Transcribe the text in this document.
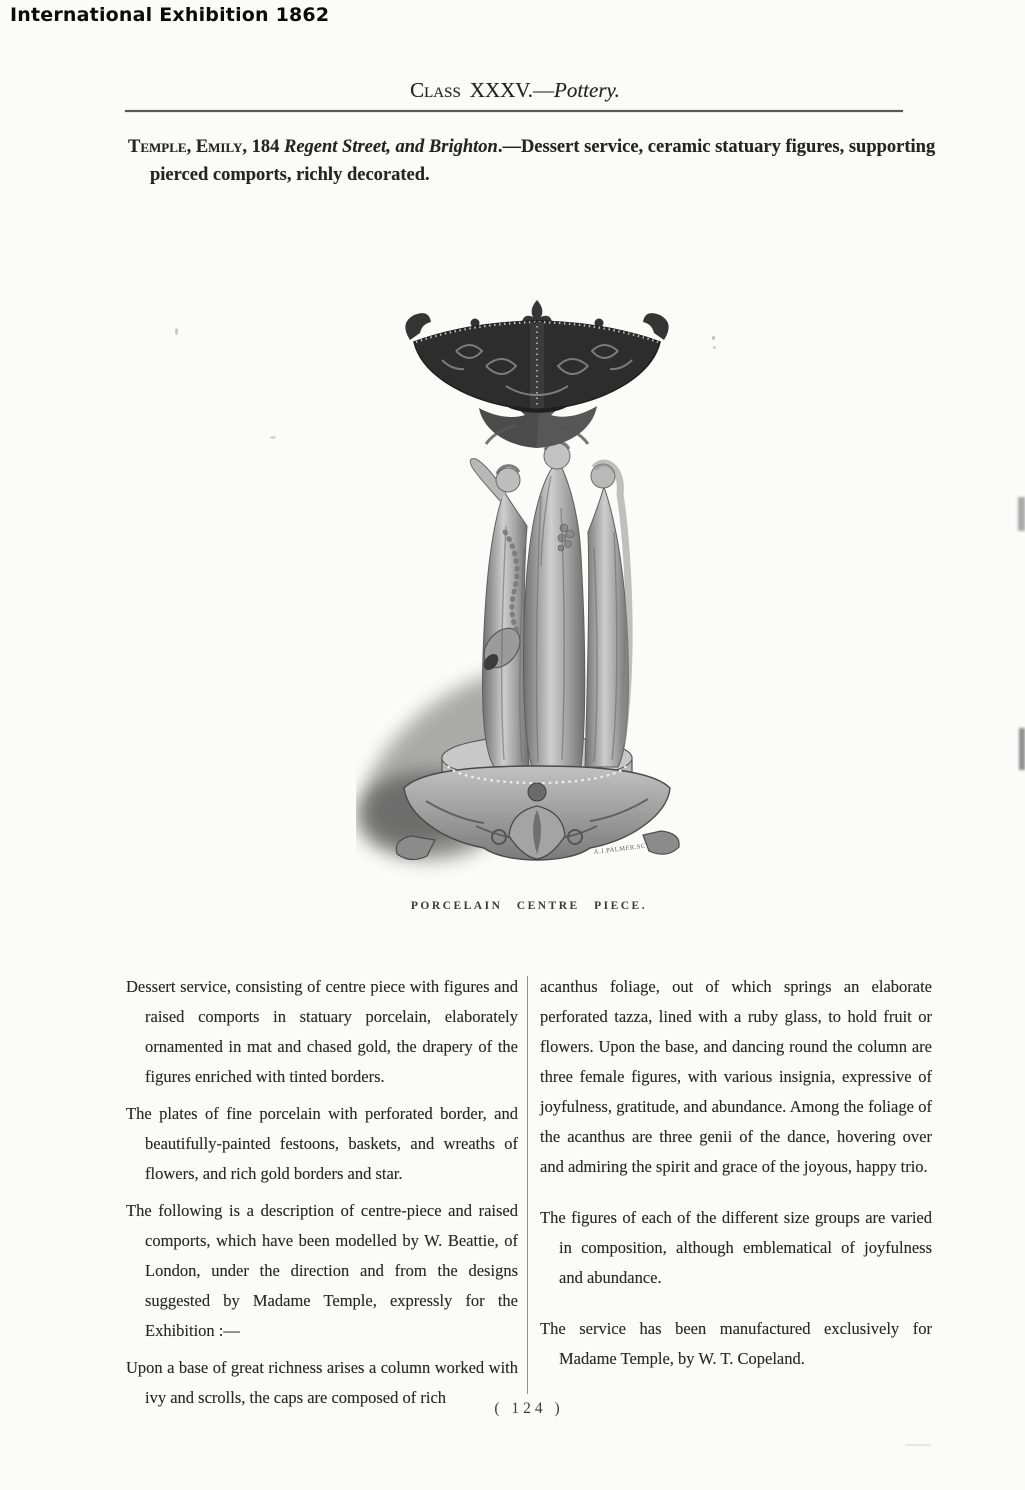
International Exhibition 1862
Class XXXV.—Pottery.
Temple, Emily, 184 Regent Street, and Brighton.—Dessert service, ceramic statuary figures, supporting pierced comports, richly decorated.
A.J.PALMER.SC
PORCELAIN CENTRE PIECE.

Dessert service, consisting of centre piece with figures and raised comports in statuary porcelain, elaborately ornamented in mat and chased gold, the drapery of the figures enriched with tinted borders.

The plates of fine porcelain with perforated border, and beautifully-painted festoons, baskets, and wreaths of flowers, and rich gold borders and star.

The following is a description of centre-piece and raised comports, which have been modelled by W. Beattie, of London, under the direction and from the designs suggested by Madame Temple, expressly for the Exhibition :—

Upon a base of great richness arises a column worked with ivy and scrolls, the caps are composed of rich

acanthus foliage, out of which springs an elaborate perforated tazza, lined with a ruby glass, to hold fruit or flowers. Upon the base, and dancing round the column are three female figures, with various insignia, expressive of joyfulness, gratitude, and abundance. Among the foliage of the acanthus are three genii of the dance, hovering over and admiring the spirit and grace of the joyous, happy trio.

The figures of each of the different size groups are varied in composition, although emblematical of joyfulness and abundance.

The service has been manufactured exclusively for Madame Temple, by W. T. Copeland.

( 124 )
